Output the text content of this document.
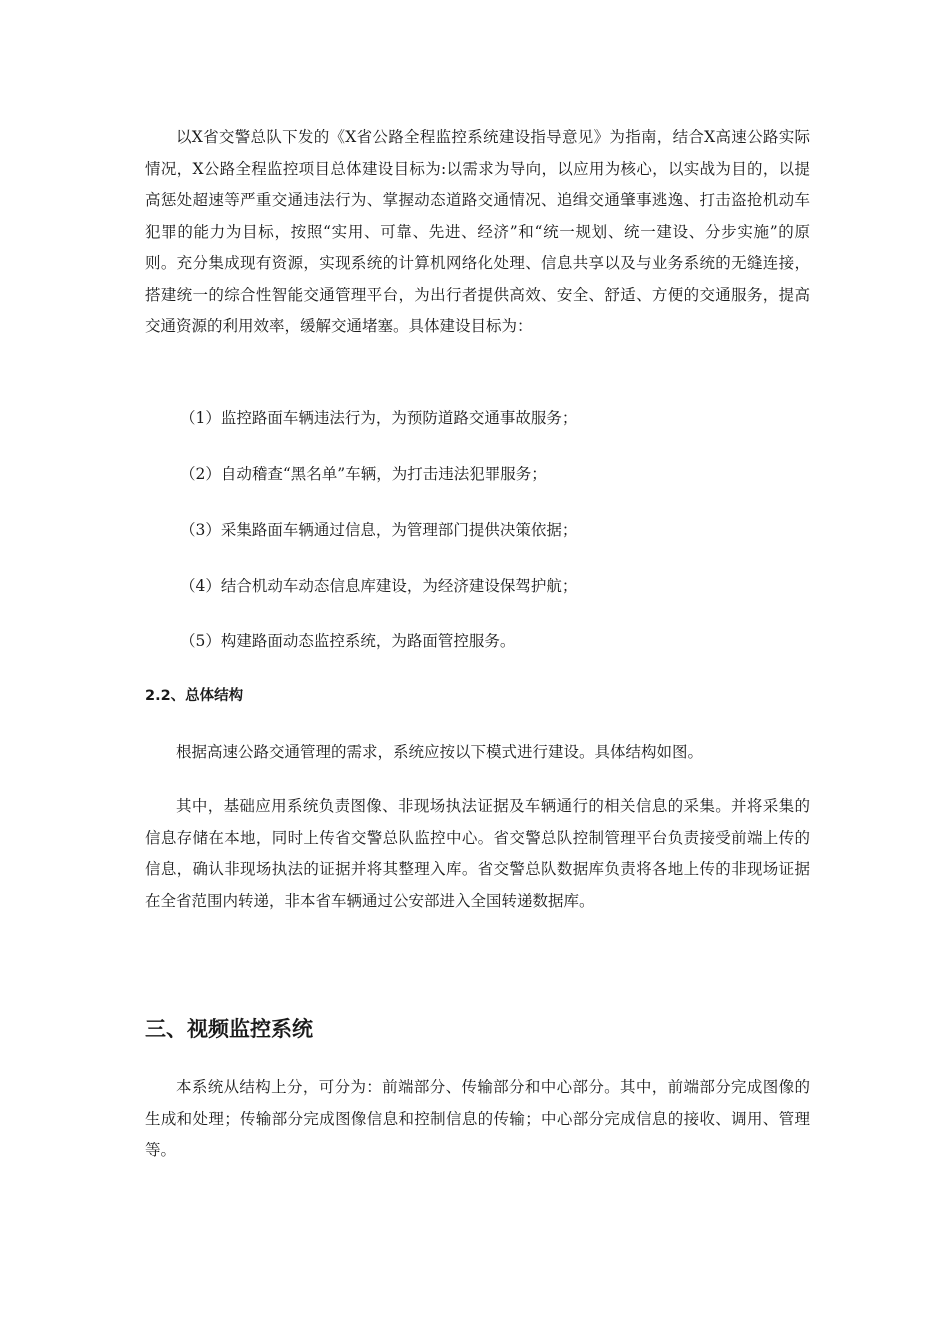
以X省交警总队下发的《X省公路全程监控系统建设指导意见》为指南，结合X高速公路实际情况，X公路全程监控项目总体建设目标为:以需求为导向，以应用为核心，以实战为目的，以提高惩处超速等严重交通违法行为、掌握动态道路交通情况、追缉交通肇事逃逸、打击盗抢机动车犯罪的能力为目标，按照“实用、可靠、先进、经济”和“统一规划、统一建设、分步实施”的原则。充分集成现有资源，实现系统的计算机网络化处理、信息共享以及与业务系统的无缝连接，搭建统一的综合性智能交通管理平台，为出行者提供高效、安全、舒适、方便的交通服务，提高交通资源的利用效率，缓解交通堵塞。具体建设目标为：

（1）监控路面车辆违法行为，为预防道路交通事故服务；

（2）自动稽查“黑名单”车辆，为打击违法犯罪服务；

（3）采集路面车辆通过信息，为管理部门提供决策依据；

（4）结合机动车动态信息库建设，为经济建设保驾护航；

（5）构建路面动态监控系统，为路面管控服务。

2.2、总体结构

根据高速公路交通管理的需求，系统应按以下模式进行建设。具体结构如图。

其中，基础应用系统负责图像、非现场执法证据及车辆通行的相关信息的采集。并将采集的信息存储在本地，同时上传省交警总队监控中心。省交警总队控制管理平台负责接受前端上传的信息，确认非现场执法的证据并将其整理入库。省交警总队数据库负责将各地上传的非现场证据在全省范围内转递，非本省车辆通过公安部进入全国转递数据库。

三、视频监控系统

本系统从结构上分，可分为：前端部分、传输部分和中心部分。其中，前端部分完成图像的生成和处理；传输部分完成图像信息和控制信息的传输；中心部分完成信息的接收、调用、管理等。
